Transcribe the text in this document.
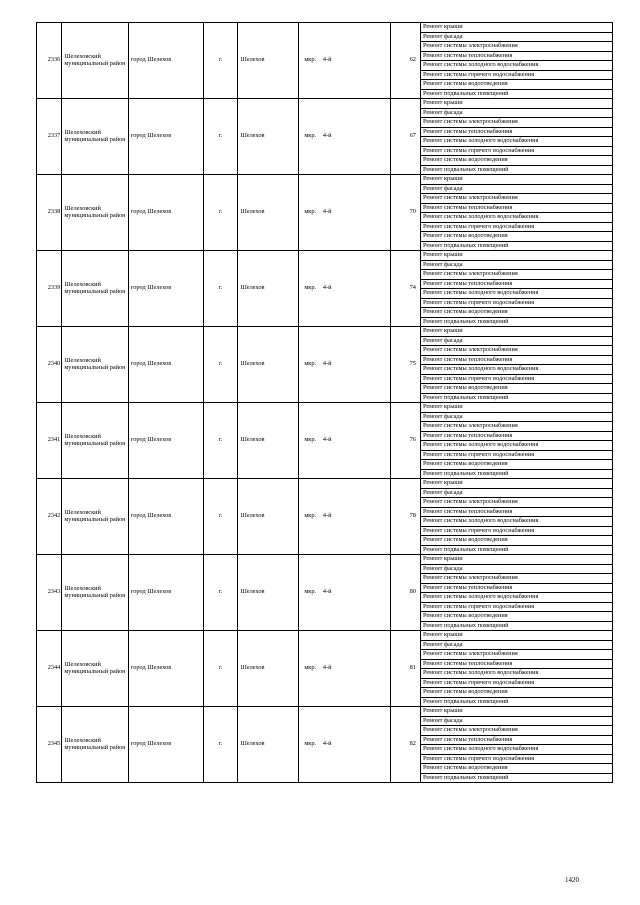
2336	Шелеховский муниципальный район	город Шелехов	г.	Шелехов	мкр.	4-й	62	Ремонт крыши

								Ремонт фасада

								Ремонт системы электроснабжения

								Ремонт системы теплоснабжения

								Ремонт системы холодного водоснабжения

								Ремонт системы горячего водоснабжения

								Ремонт системы водоотведения

								Ремонт подвальных помещений

2337	Шелеховский муниципальный район	город Шелехов	г.	Шелехов	мкр.	4-й	67	Ремонт крыши

								Ремонт фасада

								Ремонт системы электроснабжения

								Ремонт системы теплоснабжения

								Ремонт системы холодного водоснабжения

								Ремонт системы горячего водоснабжения

								Ремонт системы водоотведения

								Ремонт подвальных помещений

2338	Шелеховский муниципальный район	город Шелехов	г.	Шелехов	мкр.	4-й	70	Ремонт крыши

								Ремонт фасада

								Ремонт системы электроснабжения

								Ремонт системы теплоснабжения

								Ремонт системы холодного водоснабжения

								Ремонт системы горячего водоснабжения

								Ремонт системы водоотведения

								Ремонт подвальных помещений

2339	Шелеховский муниципальный район	город Шелехов	г.	Шелехов	мкр.	4-й	74	Ремонт крыши

								Ремонт фасада

								Ремонт системы электроснабжения

								Ремонт системы теплоснабжения

								Ремонт системы холодного водоснабжения

								Ремонт системы горячего водоснабжения

								Ремонт системы водоотведения

								Ремонт подвальных помещений

2340	Шелеховский муниципальный район	город Шелехов	г.	Шелехов	мкр.	4-й	75	Ремонт крыши

								Ремонт фасада

								Ремонт системы электроснабжения

								Ремонт системы теплоснабжения

								Ремонт системы холодного водоснабжения

								Ремонт системы горячего водоснабжения

								Ремонт системы водоотведения

								Ремонт подвальных помещений

2341	Шелеховский муниципальный район	город Шелехов	г.	Шелехов	мкр.	4-й	76	Ремонт крыши

								Ремонт фасада

								Ремонт системы электроснабжения

								Ремонт системы теплоснабжения

								Ремонт системы холодного водоснабжения

								Ремонт системы горячего водоснабжения

								Ремонт системы водоотведения

								Ремонт подвальных помещений

2342	Шелеховский муниципальный район	город Шелехов	г.	Шелехов	мкр.	4-й	78	Ремонт крыши

								Ремонт фасада

								Ремонт системы электроснабжения

								Ремонт системы теплоснабжения

								Ремонт системы холодного водоснабжения

								Ремонт системы горячего водоснабжения

								Ремонт системы водоотведения

								Ремонт подвальных помещений

2343	Шелеховский муниципальный район	город Шелехов	г.	Шелехов	мкр.	4-й	80	Ремонт крыши

								Ремонт фасада

								Ремонт системы электроснабжения

								Ремонт системы теплоснабжения

								Ремонт системы холодного водоснабжения

								Ремонт системы горячего водоснабжения

								Ремонт системы водоотведения

								Ремонт подвальных помещений

2344	Шелеховский муниципальный район	город Шелехов	г.	Шелехов	мкр.	4-й	81	Ремонт крыши

								Ремонт фасада

								Ремонт системы электроснабжения

								Ремонт системы теплоснабжения

								Ремонт системы холодного водоснабжения

								Ремонт системы горячего водоснабжения

								Ремонт системы водоотведения

								Ремонт подвальных помещений

2345	Шелеховский муниципальный район	город Шелехов	г.	Шелехов	мкр.	4-й	82	Ремонт крыши

								Ремонт фасада

								Ремонт системы электроснабжения

								Ремонт системы теплоснабжения

								Ремонт системы холодного водоснабжения

								Ремонт системы горячего водоснабжения

								Ремонт системы водоотведения

								Ремонт подвальных помещений
1420
